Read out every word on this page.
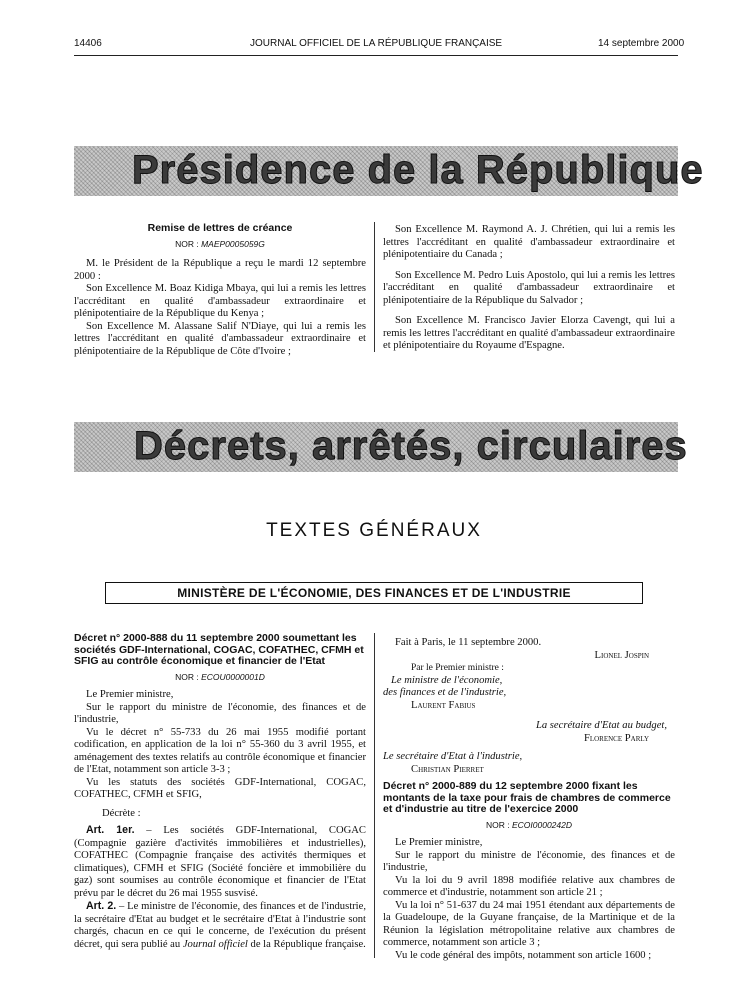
14406	JOURNAL OFFICIEL DE LA RÉPUBLIQUE FRANÇAISE	14 septembre 2000
Présidence de la République
Remise de lettres de créance
NOR : MAEP0005059G

M. le Président de la République a reçu le mardi 12 septembre 2000 :

Son Excellence M. Boaz Kidiga Mbaya, qui lui a remis les lettres l'accréditant en qualité d'ambassadeur extraordinaire et plénipotentiaire de la République du Kenya ;

Son Excellence M. Alassane Salif N'Diaye, qui lui a remis les lettres l'accréditant en qualité d'ambassadeur extraordinaire et plénipotentiaire de la République de Côte d'Ivoire ;

Son Excellence M. Raymond A. J. Chrétien, qui lui a remis les lettres l'accréditant en qualité d'ambassadeur extraordinaire et plénipotentiaire du Canada ;

Son Excellence M. Pedro Luis Apostolo, qui lui a remis les lettres l'accréditant en qualité d'ambassadeur extraordinaire et plénipotentiaire de la République du Salvador ;

Son Excellence M. Francisco Javier Elorza Cavengt, qui lui a remis les lettres l'accréditant en qualité d'ambassadeur extraordinaire et plénipotentiaire du Royaume d'Espagne.

Décrets, arrêtés, circulaires
TEXTES GÉNÉRAUX
MINISTÈRE DE L'ÉCONOMIE, DES FINANCES ET DE L'INDUSTRIE
Décret n° 2000-888 du 11 septembre 2000 soumettant les sociétés GDF-International, COGAC, COFATHEC, CFMH et SFIG au contrôle économique et financier de l'Etat
NOR : ECOU0000001D

Le Premier ministre,

Sur le rapport du ministre de l'économie, des finances et de l'industrie,

Vu le décret n° 55-733 du 26 mai 1955 modifié portant codification, en application de la loi n° 55-360 du 3 avril 1955, et aménagement des textes relatifs au contrôle économique et financier de l'Etat, notamment son article 3-3 ;

Vu les statuts des sociétés GDF-International, COGAC, COFATHEC, CFMH et SFIG,

Décrète :

Art. 1er. – Les sociétés GDF-International, COGAC (Compagnie gazière d'activités immobilières et industrielles), COFATHEC (Compagnie française des activités thermiques et climatiques), CFMH et SFIG (Société foncière et immobilière du gaz) sont soumises au contrôle économique et financier de l'Etat prévu par le décret du 26 mai 1955 susvisé.

Art. 2. – Le ministre de l'économie, des finances et de l'industrie, la secrétaire d'Etat au budget et le secrétaire d'Etat à l'industrie sont chargés, chacun en ce qui le concerne, de l'exécution du présent décret, qui sera publié au Journal officiel de la République française.

Fait à Paris, le 11 septembre 2000.

Lionel Jospin

Par le Premier ministre :

Le ministre de l'économie,

des finances et de l'industrie,

Laurent Fabius

La secrétaire d'Etat au budget,

Florence Parly

Le secrétaire d'Etat à l'industrie,

Christian Pierret

Décret n° 2000-889 du 12 septembre 2000 fixant les montants de la taxe pour frais de chambres de commerce et d'industrie au titre de l'exercice 2000
NOR : ECOI0000242D

Le Premier ministre,

Sur le rapport du ministre de l'économie, des finances et de l'industrie,

Vu la loi du 9 avril 1898 modifiée relative aux chambres de commerce et d'industrie, notamment son article 21 ;

Vu la loi n° 51-637 du 24 mai 1951 étendant aux départements de la Guadeloupe, de la Guyane française, de la Martinique et de la Réunion la législation métropolitaine relative aux chambres de commerce, notamment son article 3 ;

Vu le code général des impôts, notamment son article 1600 ;
